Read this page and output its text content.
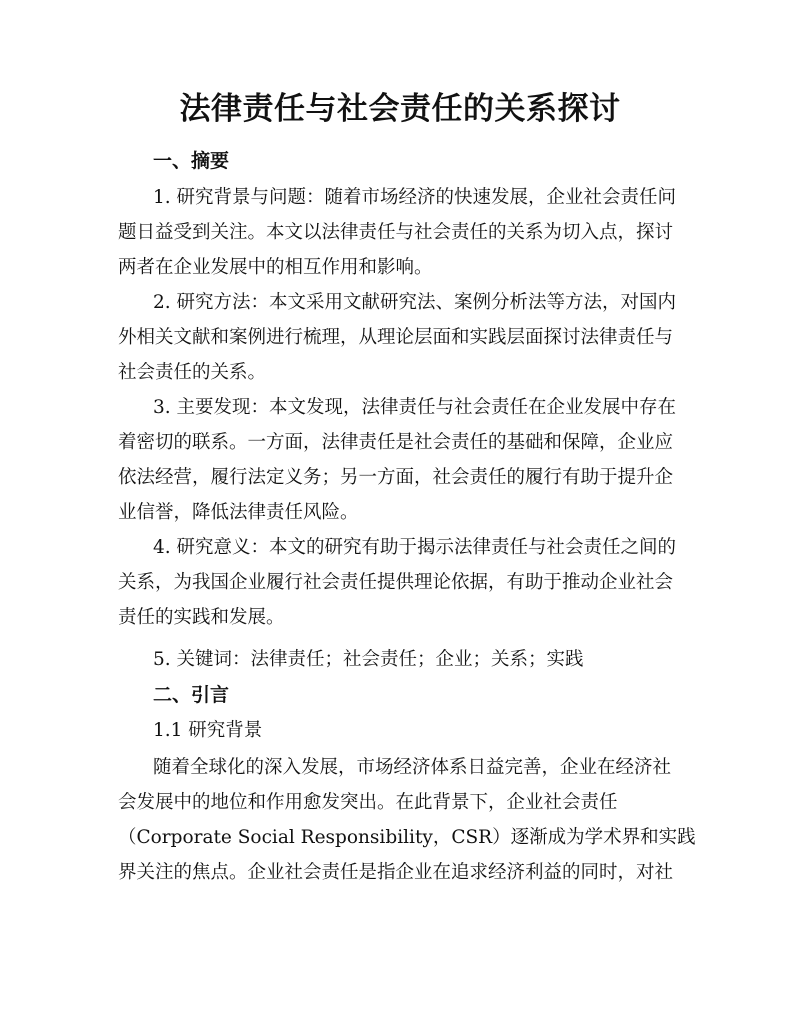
法律责任与社会责任的关系探讨
一、摘要
1. 研究背景与问题：随着市场经济的快速发展，企业社会责任问
题日益受到关注。本文以法律责任与社会责任的关系为切入点，探讨
两者在企业发展中的相互作用和影响。
2. 研究方法：本文采用文献研究法、案例分析法等方法，对国内
外相关文献和案例进行梳理，从理论层面和实践层面探讨法律责任与
社会责任的关系。
3. 主要发现：本文发现，法律责任与社会责任在企业发展中存在
着密切的联系。一方面，法律责任是社会责任的基础和保障，企业应
依法经营，履行法定义务；另一方面，社会责任的履行有助于提升企
业信誉，降低法律责任风险。
4. 研究意义：本文的研究有助于揭示法律责任与社会责任之间的
关系，为我国企业履行社会责任提供理论依据，有助于推动企业社会
责任的实践和发展。
5. 关键词：法律责任；社会责任；企业；关系；实践
二、引言
1.1 研究背景
随着全球化的深入发展，市场经济体系日益完善，企业在经济社
会发展中的地位和作用愈发突出。在此背景下，企业社会责任
（Corporate Social Responsibility，CSR）逐渐成为学术界和实践
界关注的焦点。企业社会责任是指企业在追求经济利益的同时，对社
